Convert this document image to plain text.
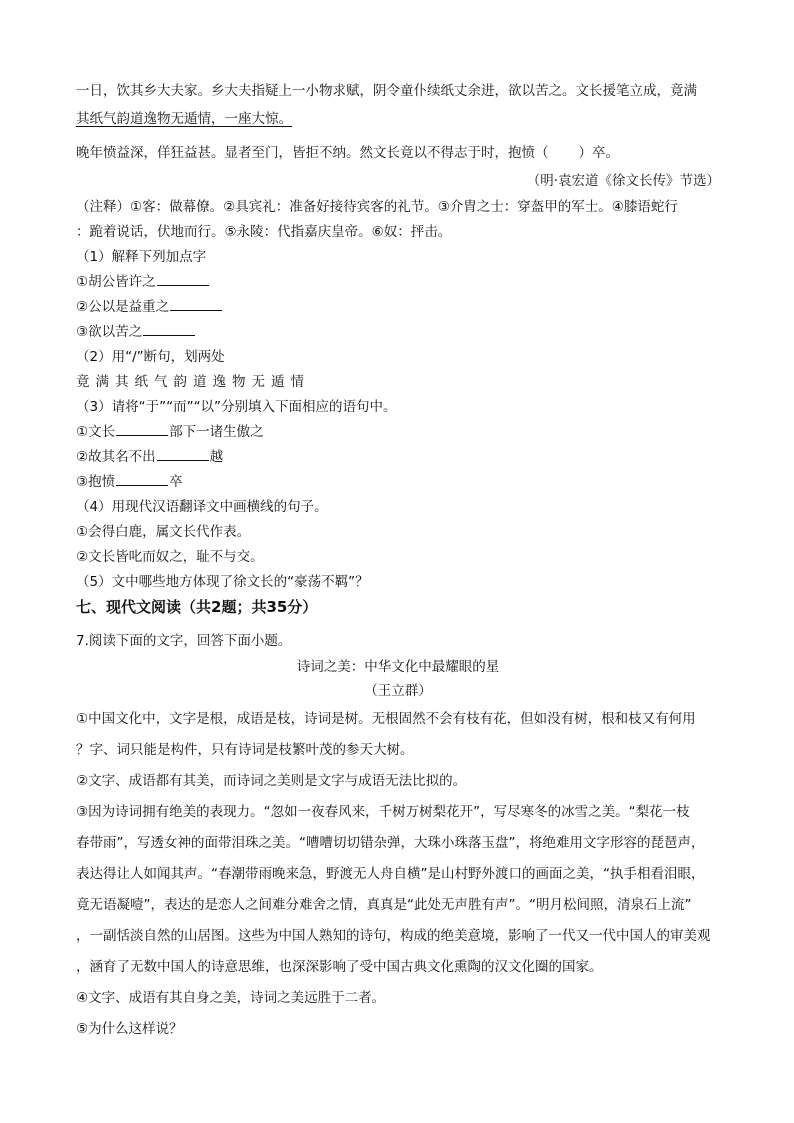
一日，饮其乡大夫家。乡大夫指疑上一小物求赋，阴令童仆续纸丈余进，欲以苦之。文长援笔立成，竟满
其纸气韵道逸物无遁情，一座大惊。
晚年愤益深，佯狂益甚。显者至门，皆拒不纳。然文长竟以不得志于时，抱愤（ ）卒。
（明·袁宏道《徐文长传》节选）
（注释）①客：做幕僚。②具宾礼：准备好接待宾客的礼节。③介胄之士：穿盔甲的军士。④膝语蛇行
：跪着说话，伏地而行。⑤永陵：代指嘉庆皇帝。⑥奴：抨击。
（1）解释下列加点字
①胡公皆许之
②公以是益重之
③欲以苦之
（2）用“/”断句，划两处
竟满其纸气韵道逸物无遁情
（3）请将“于”“而”“以”分别填入下面相应的语句中。
①文长	部下一诸生傲之
②故其名不出	越
③抱愤	卒
（4）用现代汉语翻译文中画横线的句子。
①会得白鹿，属文长代作表。
②文长皆叱而奴之，耻不与交。
（5）文中哪些地方体现了徐文长的“豪荡不羁”？
七、现代文阅读（共2题；共35分）
7.阅读下面的文字，回答下面小题。
诗词之美：中华文化中最耀眼的星
（王立群）
①中国文化中，文字是根，成语是枝，诗词是树。无根固然不会有枝有花，但如没有树，根和枝又有何用
？字、词只能是构件，只有诗词是枝繁叶茂的参天大树。
②文字、成语都有其美，而诗词之美则是文字与成语无法比拟的。
③因为诗词拥有绝美的表现力。“忽如一夜春风来，千树万树梨花开”，写尽寒冬的冰雪之美。“梨花一枝
春带雨”，写透女神的面带泪珠之美。“嘈嘈切切错杂弹，大珠小珠落玉盘”，将绝难用文字形容的琵琶声，
表达得让人如闻其声。“春潮带雨晚来急，野渡无人舟自横”是山村野外渡口的画面之美，“执手相看泪眼，
竟无语凝噎”，表达的是恋人之间难分难舍之情，真真是“此处无声胜有声”。“明月松间照，清泉石上流”
，一副恬淡自然的山居图。这些为中国人熟知的诗句，构成的绝美意境，影响了一代又一代中国人的审美观
，涵育了无数中国人的诗意思维，也深深影响了受中国古典文化熏陶的汉文化圈的国家。
④文字、成语有其自身之美，诗词之美远胜于二者。
⑤为什么这样说？
